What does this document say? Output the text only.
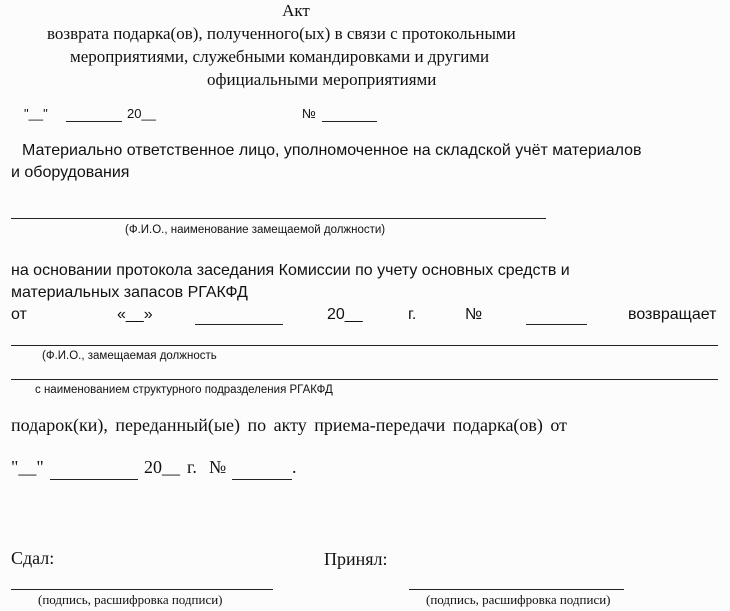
Акт
возврата подарка(ов), полученного(ых) в связи с протокольными
мероприятиями, служебными командировками и другими
официальными мероприятиями
"__"	20__	№
Материально ответственное лицо, уполномоченное на складской учёт материалов
и оборудования
(Ф.И.О., наименование замещаемой должности)
на основании протокола заседания Комиссии по учету основных средств и
материальных запасов РГАКФД
от	«__»	20__	г.	№	возвращает
(Ф.И.О., замещаемая должность
с наименованием структурного подразделения РГАКФД
подарок(ки), переданный(ые) по акту приема-передачи подарка(ов) от
"__"	20__ г. №	.
Сдал:	Принял:
(подпись, расшифровка подписи)	(подпись, расшифровка подписи)
